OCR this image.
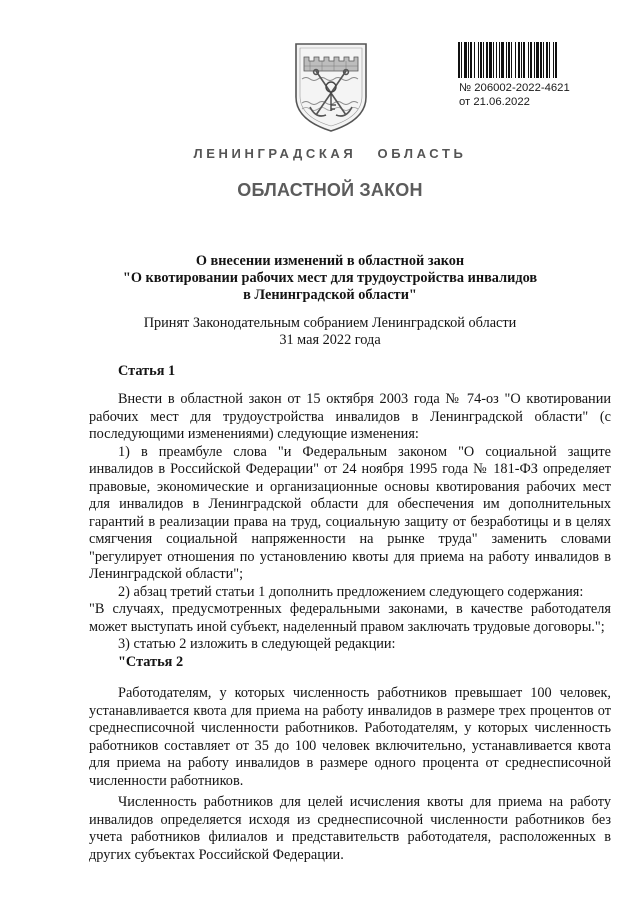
№ 206002-2022-4621
от 21.06.2022
ЛЕНИНГРАДСКАЯ ОБЛАСТЬ
ОБЛАСТНОЙ ЗАКОН
О внесении изменений в областной закон
"О квотировании рабочих мест для трудоустройства инвалидов
в Ленинградской области"
Принят Законодательным собранием Ленинградской области
31 мая 2022 года
Статья 1

Внести в областной закон от 15 октября 2003 года № 74-оз "О квотировании рабочих мест для трудоустройства инвалидов в Ленинградской области" (с последующими изменениями) следующие изменения:

1) в преамбуле слова "и Федеральным законом "О социальной защите инвалидов в Российской Федерации" от 24 ноября 1995 года № 181-ФЗ определяет правовые, экономические и организационные основы квотирования рабочих мест для инвалидов в Ленинградской области для обеспечения им дополнительных гарантий в реализации права на труд, социальную защиту от безработицы и в целях смягчения социальной напряженности на рынке труда" заменить словами "регулирует отношения по установлению квоты для приема на работу инвалидов в Ленинградской области";

2) абзац третий статьи 1 дополнить предложением следующего содержания:

"В случаях, предусмотренных федеральными законами, в качестве работодателя может выступать иной субъект, наделенный правом заключать трудовые договоры.";

3) статью 2 изложить в следующей редакции:

"Статья 2

Работодателям, у которых численность работников превышает 100 человек, устанавливается квота для приема на работу инвалидов в размере трех процентов от среднесписочной численности работников. Работодателям, у которых численность работников составляет от 35 до 100 человек включительно, устанавливается квота для приема на работу инвалидов в размере одного процента от среднесписочной численности работников.

Численность работников для целей исчисления квоты для приема на работу инвалидов определяется исходя из среднесписочной численности работников без учета работников филиалов и представительств работодателя, расположенных в других субъектах Российской Федерации.
